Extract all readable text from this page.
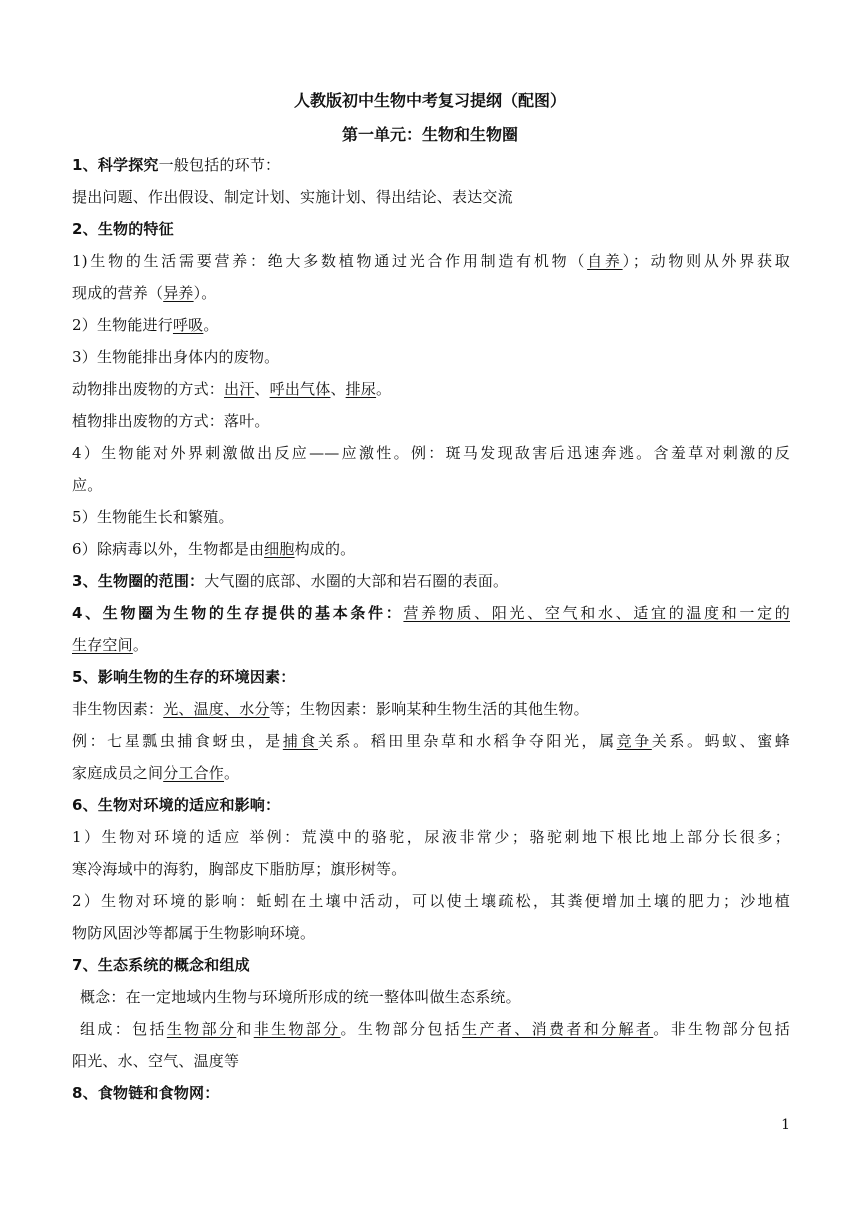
人教版初中生物中考复习提纲（配图）
第一单元：生物和生物圈
1、科学探究一般包括的环节：
提出问题、作出假设、制定计划、实施计划、得出结论、表达交流
2、生物的特征
1)生物的生活需要营养：绝大多数植物通过光合作用制造有机物（自养）；动物则从外界获取
现成的营养（异养）。
2）生物能进行呼吸。
3）生物能排出身体内的废物。
动物排出废物的方式：出汗、呼出气体、排尿。
植物排出废物的方式：落叶。
4）生物能对外界刺激做出反应——应激性。例：斑马发现敌害后迅速奔逃。含羞草对刺激的反
应。
5）生物能生长和繁殖。
6）除病毒以外，生物都是由细胞构成的。
3、生物圈的范围：大气圈的底部、水圈的大部和岩石圈的表面。
4、生物圈为生物的生存提供的基本条件：营养物质、阳光、空气和水、适宜的温度和一定的
生存空间。
5、影响生物的生存的环境因素：
非生物因素：光、温度、水分等；生物因素：影响某种生物生活的其他生物。
例：七星瓢虫捕食蚜虫，是捕食关系。稻田里杂草和水稻争夺阳光，属竞争关系。蚂蚁、蜜蜂
家庭成员之间分工合作。
6、生物对环境的适应和影响：
1）生物对环境的适应 举例：荒漠中的骆驼，尿液非常少；骆驼刺地下根比地上部分长很多；
寒冷海域中的海豹，胸部皮下脂肪厚；旗形树等。
2）生物对环境的影响：蚯蚓在土壤中活动，可以使土壤疏松，其粪便增加土壤的肥力；沙地植
物防风固沙等都属于生物影响环境。
7、生态系统的概念和组成
概念：在一定地域内生物与环境所形成的统一整体叫做生态系统。
组成：包括生物部分和非生物部分。生物部分包括生产者、消费者和分解者。非生物部分包括
阳光、水、空气、温度等
8、食物链和食物网：
1
